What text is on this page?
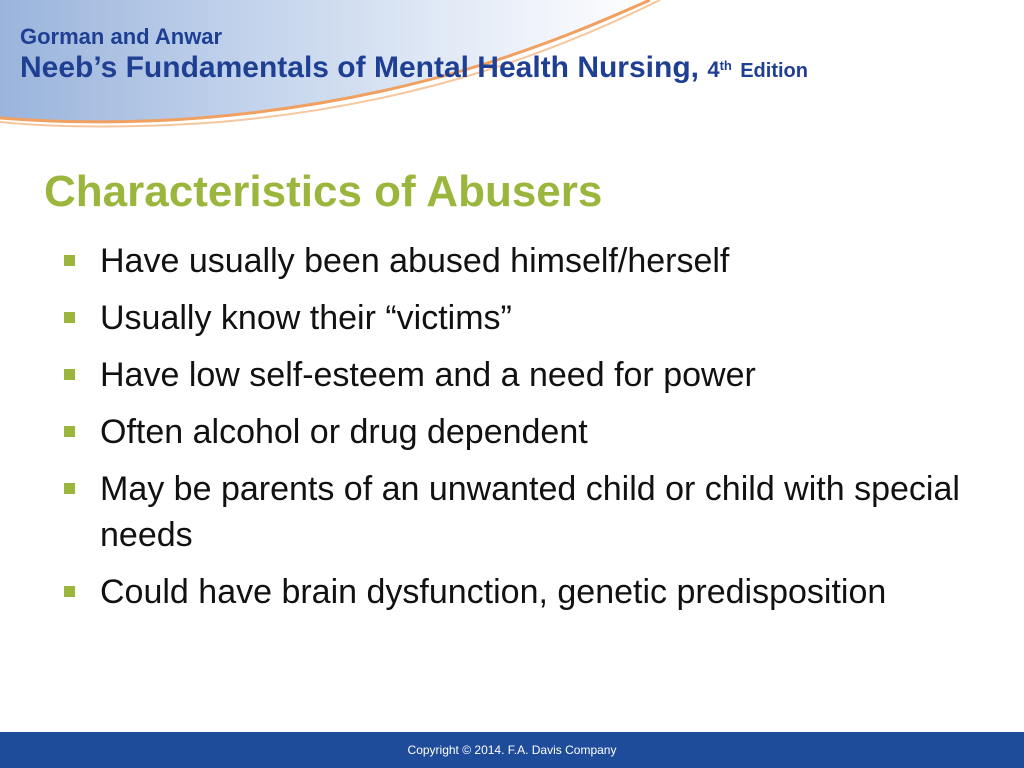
Gorman and Anwar
Neeb’s Fundamentals of Mental Health Nursing, 4th Edition
Characteristics of Abusers
Have usually been abused himself/herself
Usually know their “victims”
Have low self-esteem and a need for power
Often alcohol or drug dependent
May be parents of an unwanted child or child with special needs
Could have brain dysfunction, genetic predisposition
Copyright © 2014. F.A. Davis Company
